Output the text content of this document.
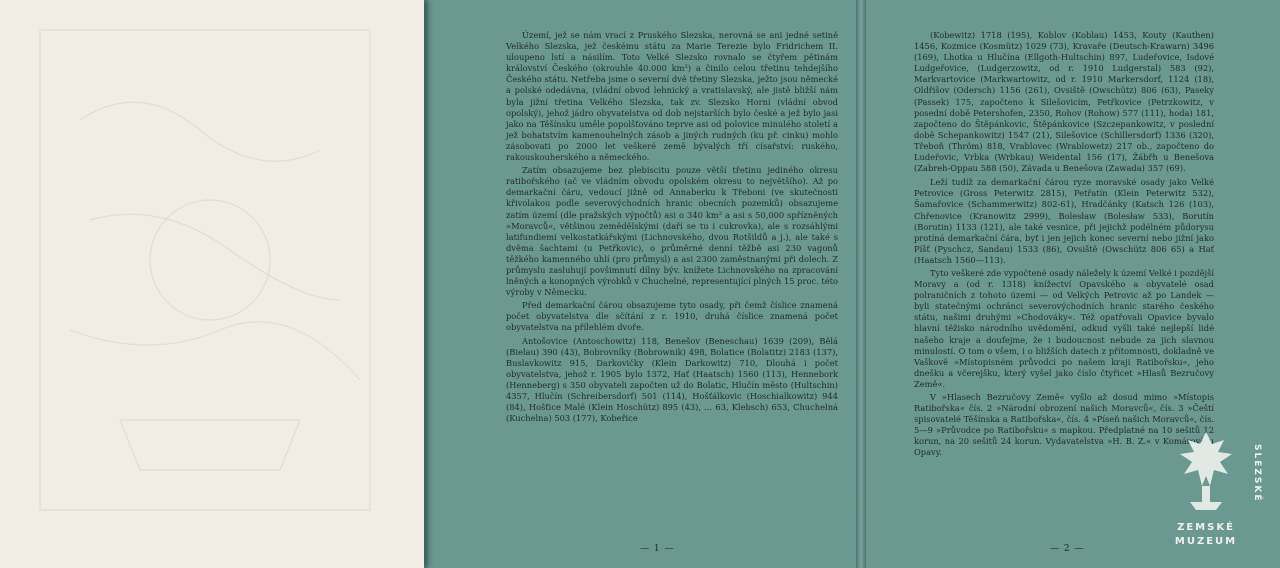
Území, jež se nám vrací z Pruského Slezska, nerovná se ani jedné setině Velkého Slezska, jež českému státu za Marie Terezie bylo Fridrichem II. uloupeno lstí a násilím. Toto Velké Slezsko rovnalo se čtyřem pětinám království Českého (okrouhle 40.000 km²) a činilo celou třetinu tehdejšího Českého státu. Netřeba jsme o severní dvě třetiny Slezska, ježto jsou německé a polské odedávna, (vládní obvod lehnický a vratislavský, ale jistě bližší nám byla jižní třetina Velkého Slezska, tak zv. Slezsko Horní (vládní obvod opolský), jehož jádro obyvatelstva od dob nejstarších bylo české a jež bylo jasi jako na Těšínsku uměle popolšťováno teprve asi od polovice minulého století a jež bohatstvím kamenouhelných zásob a jiných rudných (ku př. cinku) mohlo zásobovati po 2000 let veškeré země bývalých tří císařství: ruského, rakouskouherského a německého.

Zatím obsazujeme bez plebiscitu pouze větší třetinu jediného okresu ratibořského (ač ve vládním obvodu opolském okresu to největšího). Až po demarkační čáru, vedoucí jižně od Annaberku k Třeboni (ve skutečnosti křivolakou podle severovýchodních hranic obecních pozemků) obsazujeme zatím území (dle pražských výpočtů) asi o 340 km² a asi s 50,000 spřízněných »Moravců«, většinou zemědělskými (daří se tu i cukrovka), ale s rozsáhlými latifundiemi velkostatkářskými (Lichnovského, dvou Rotšildů a j.), ale také s dvěma šachtami (u Petřkovic), o průměrné denní těžbě asi 230 vagonů těžkého kamenného uhlí (pro průmysl) a asi 2300 zaměstnanými při dolech. Z průmyslu zasluhují povšimnutí dílny býv. knížete Lichnovského na zpracování lněných a konopných výrobků v Chuchelné, representující plných 15 proc. této výroby v Německu.

Před demarkační čárou obsazujeme tyto osady, při čemž číslice znamená počet obyvatelstva dle sčítání z r. 1910, druhá číslice znamená počet obyvatelstva na přílehlém dvoře.

Antošovice (Antoschowitz) 118, Benešov (Beneschau) 1639 (209), Bělá (Bielau) 390 (43), Bobrovníky (Bobrownik) 498, Bolatice (Bolatitz) 2183 (137), Buslavkowitz 915, Darkovičky (Klein Darkowitz) 710, Dlouhá i počet obyvatelstva, jehož r. 1905 bylo 1372, Hať (Haatsch) 1560 (113), Hennebork (Henneberg) s 350 obyvateli započten už do Bolatic, Hlučín město (Hultschin) 4357, Hlučín (Schreibersdorf) 501 (114), Hošťálkovic (Hoschialkowitz) 944 (84), Hošťice Malé (Klein Hoschütz) 895 (43), ... 63, Klebsch) 653, Chuchelná (Kuchelna) 503 (177), Kobeřice

— 1 —

(Kobewitz) 1718 (195), Koblov (Koblau) 1453, Kouty (Kauthen) 1456, Kozmice (Kosmütz) 1029 (73), Kravaře (Deutsch-Krawarn) 3496 (169), Lhotka u Hlučína (Ellgoth-Hultschin) 897, Ludeřovice, Isdové Ludgeřovice, (Ludgerzowitz, od r. 1910 Ludgerstal) 583 (92), Markvartovice (Markwartowitz, od r. 1910 Markersdorf, 1124 (18), Oldřišov (Odersch) 1156 (261), Ovsiště (Owschütz) 806 (63), Paseky (Passek) 175, započteno k Silešovicím, Petřkovice (Petrzkowitz, v posední době Petershofen, 2350, Rohov (Rohow) 577 (111), hoda) 181, započteno do Štěpánkovic, Štěpánkovice (Szczepankowitz, v poslední době Schepankowitz) 1547 (21), Silešovice (Schillersdorf) 1336 (320), Třeboň (Thröm) 818, Vrablovec (Wrablowetz) 217 ob., započteno do Ludeřovic, Vrbka (Wrbkau) Weidental 156 (17), Žábřh u Benešova (Zabreh-Oppau 588 (50), Závada u Benešova (Zawada) 357 (69).

Leží tudíž za demarkační čárou ryze moravské osady jako Velké Petrovice (Gross Peterwitz 2815), Petřatín (Klein Peterwitz 532), Šamařovice (Schammerwitz) 802-61), Hradčánky (Katsch 126 (103), Chřenovice (Kranowitz 2999), Bolesław (Bolesław 533), Borutín (Borutin) 1133 (121), ale také vesnice, při jejichž podélném půdorysu protíná demarkační čára, byť i jen jejich konec severní nebo jižní jako Píšť (Pyschcz, Sandau) 1533 (86), Ovsiště (Owschütz 806 65) a Hať (Haatsch 1560—113).

Tyto veškeré zde vypočtené osady náležely k území Velké i pozdější Moravy a (od r. 1318) knížectví Opavského a obyvatelé osad polraničních z tohoto území — od Velkých Petrovic až po Landek — byli statečnými ochránci severovýchodních hranic starého českého státu, našimi druhými »Chodováky«. Též opatřovali Opavice byvalo hlavní těžisko národního uvědomění, odkud vyšli také nejlepší lidé našeho kraje a doufejme, že i budoucnost nebude za jich slavnou minulostí. O tom o všem, i o bližších datech z přítomnosti, dokladně ve Vaškově »Místopisném průvodci po našem kraji Ratibořsku«, jeho dnešku a včerejšku, který vyšel jako číslo čtyřicet »Hlasů Bezručovy Země«.

V »Hlasech Bezručovy Země« vyšlo až dosud mimo »Místopis Ratibořska« čís. 2 »Národní obrození našich Moravců«, čís. 3 »Čeští spisovatelé Těšínska a Ratibořska«, čís. 4 »Píseň našich Moravců«, čís. 5—9 »Průvodce po Ratibořsku« s mapkou. Předplatné na 10 sešitů 12 korun, na 20 sešitů 24 korun. Vydavatelstva »H. B. Z.« v Komárově u Opavy.

— 2 —
SLEZSKÉ
ZEMSKÉ
MUZEUM
